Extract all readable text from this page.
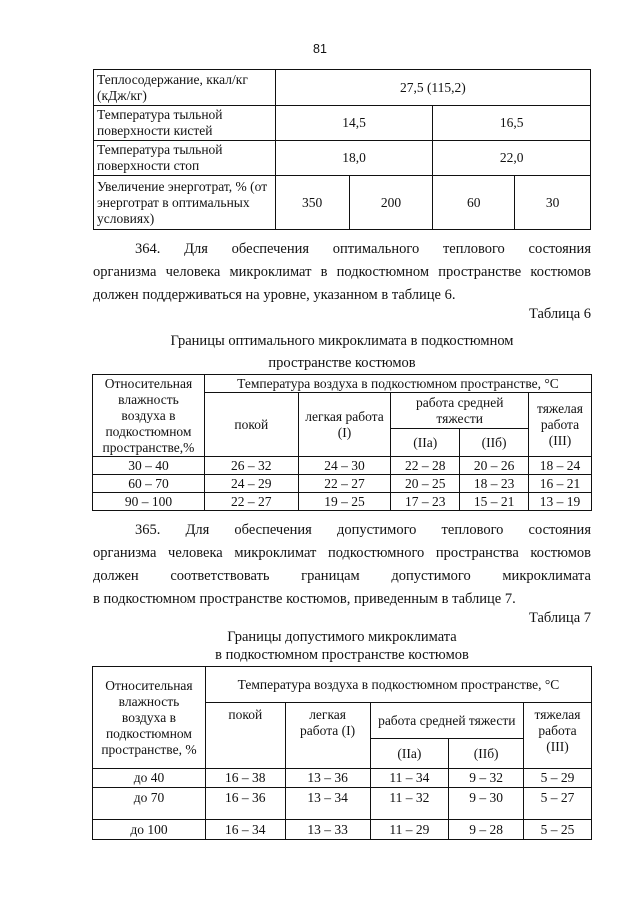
81
Теплосодержание, ккал/кг (кДж/кг)	27,5 (115,2)			
Температура тыльной поверхности кистей	14,5		16,5	
Температура тыльной поверхности стоп	18,0		22,0	
Увеличение энерготрат, % (от энерготрат в оптимальных условиях)	350	200	60	30

364. Для обеспечения оптимального теплового состояния

организма человека микроклимат в подкостюмном пространстве костюмов

должен поддерживаться на уровне, указанном в таблице 6.

Таблица 6
Границы оптимального микроклимата в подкостюмном
пространстве костюмов
Относительная влажность воздуха в подкостюмном пространстве,%	Температура воздуха в подкостюмном пространстве, °С				
	покой	легкая работа (I)	работа средней тяжести		тяжелая работа (III)
			(IIа)	(IIб)	
30 – 40	26 – 32	24 – 30	22 – 28	20 – 26	18 – 24
60 – 70	24 – 29	22 – 27	20 – 25	18 – 23	16 – 21
90 – 100	22 – 27	19 – 25	17 – 23	15 – 21	13 – 19

365. Для обеспечения допустимого теплового состояния

организма человека микроклимат подкостюмного пространства костюмов

должен соответствовать границам допустимого микроклимата

в подкостюмном пространстве костюмов, приведенным в таблице 7.

Таблица 7
Границы допустимого микроклимата
в подкостюмном пространстве костюмов
Относительная влажность воздуха в подкостюмном пространстве, %	Температура воздуха в подкостюмном пространстве, °С				
	покой	легкая работа (I)	работа средней тяжести		тяжелая работа (III)
			(IIа)	(IIб)	
до 40	16 – 38	13 – 36	11 – 34	9 – 32	5 – 29
до 70	16 – 36	13 – 34	11 – 32	9 – 30	5 – 27
до 100	16 – 34	13 – 33	11 – 29	9 – 28	5 – 25
